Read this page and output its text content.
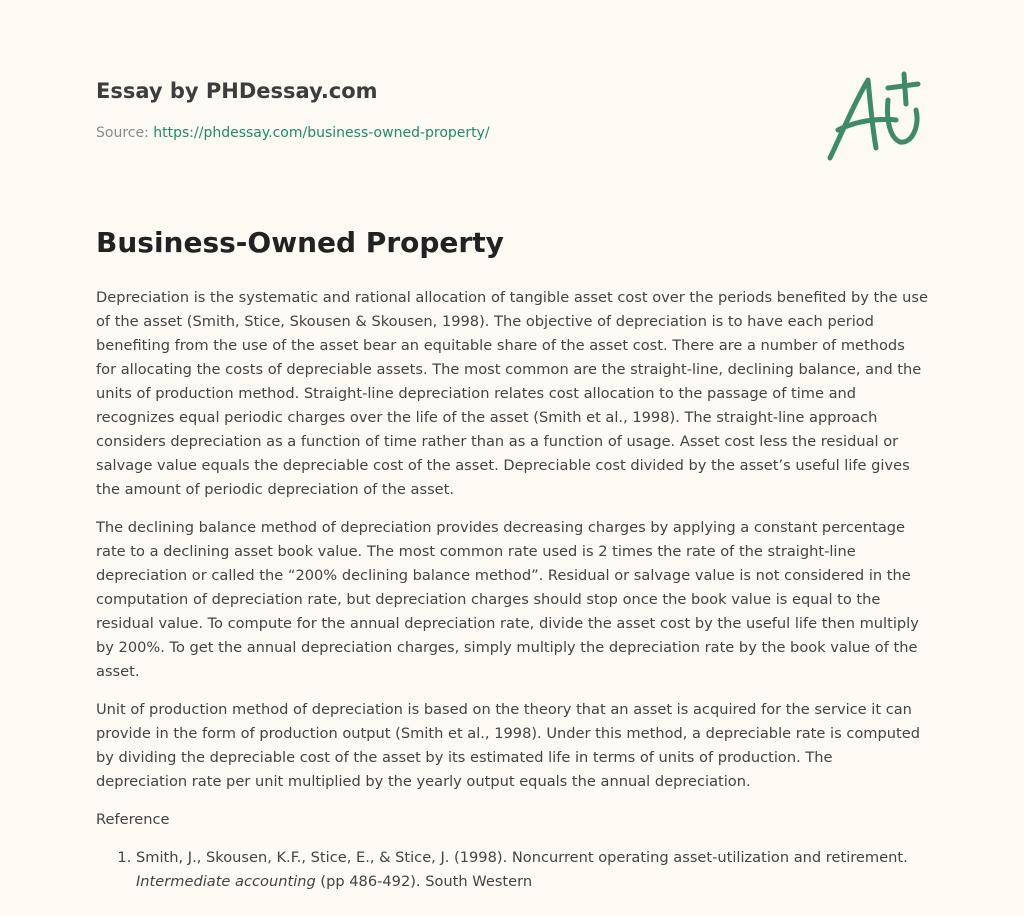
Essay by PHDessay.com

Source: https://phdessay.com/business-owned-property/

Business-Owned Property

Depreciation is the systematic and rational allocation of tangible asset cost over the periods benefited by the use of the asset (Smith, Stice, Skousen & Skousen, 1998). The objective of depreciation is to have each period benefiting from the use of the asset bear an equitable share of the asset cost. There are a number of methods for allocating the costs of depreciable assets. The most common are the straight-line, declining balance, and the units of production method. Straight-line depreciation relates cost allocation to the passage of time and recognizes equal periodic charges over the life of the asset (Smith et al., 1998). The straight-line approach considers depreciation as a function of time rather than as a function of usage. Asset cost less the residual or salvage value equals the depreciable cost of the asset. Depreciable cost divided by the asset’s useful life gives the amount of periodic depreciation of the asset.

The declining balance method of depreciation provides decreasing charges by applying a constant percentage rate to a declining asset book value. The most common rate used is 2 times the rate of the straight-line depreciation or called the “200% declining balance method”. Residual or salvage value is not considered in the computation of depreciation rate, but depreciation charges should stop once the book value is equal to the residual value. To compute for the annual depreciation rate, divide the asset cost by the useful life then multiply by 200%. To get the annual depreciation charges, simply multiply the depreciation rate by the book value of the asset.

Unit of production method of depreciation is based on the theory that an asset is acquired for the service it can provide in the form of production output (Smith et al., 1998). Under this method, a depreciable rate is computed by dividing the depreciable cost of the asset by its estimated life in terms of units of production. The depreciation rate per unit multiplied by the yearly output equals the annual depreciation.

Reference

1. Smith, J., Skousen, K.F., Stice, E., & Stice, J. (1998). Noncurrent operating asset-utilization and retirement. Intermediate accounting (pp 486-492). South Western
